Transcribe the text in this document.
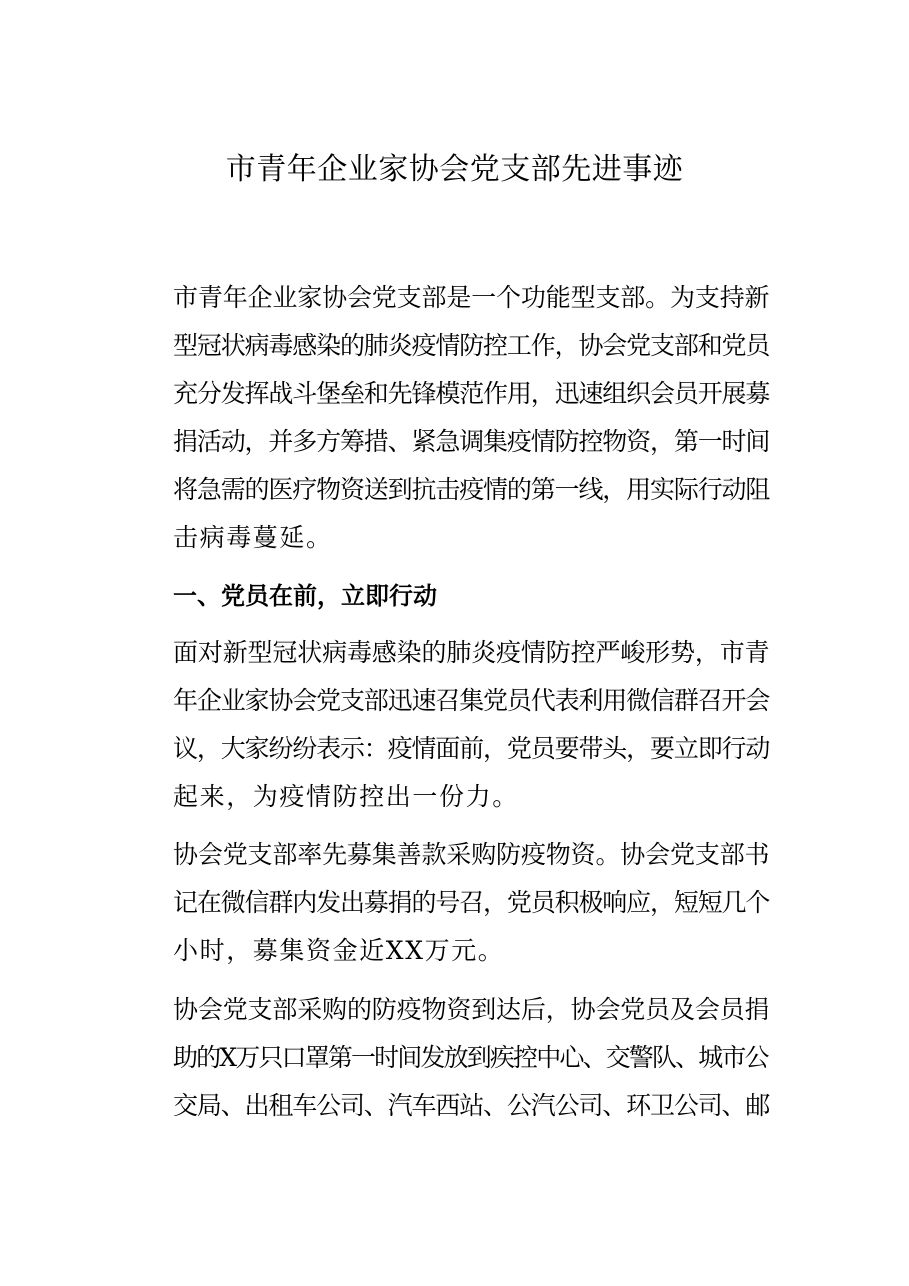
市青年企业家协会党支部先进事迹
市青年企业家协会党支部是一个功能型支部。为支持新
型冠状病毒感染的肺炎疫情防控工作，协会党支部和党员
充分发挥战斗堡垒和先锋模范作用，迅速组织会员开展募
捐活动，并多方筹措、紧急调集疫情防控物资，第一时间
将急需的医疗物资送到抗击疫情的第一线，用实际行动阻
击病毒蔓延。
一、党员在前，立即行动
面对新型冠状病毒感染的肺炎疫情防控严峻形势，市青
年企业家协会党支部迅速召集党员代表利用微信群召开会
议，大家纷纷表示：疫情面前，党员要带头，要立即行动
起来，为疫情防控出一份力。
协会党支部率先募集善款采购防疫物资。协会党支部书
记在微信群内发出募捐的号召，党员积极响应，短短几个
小时，募集资金近XX万元。
协会党支部采购的防疫物资到达后，协会党员及会员捐
助的X万只口罩第一时间发放到疾控中心、交警队、城市公
交局、出租车公司、汽车西站、公汽公司、环卫公司、邮
